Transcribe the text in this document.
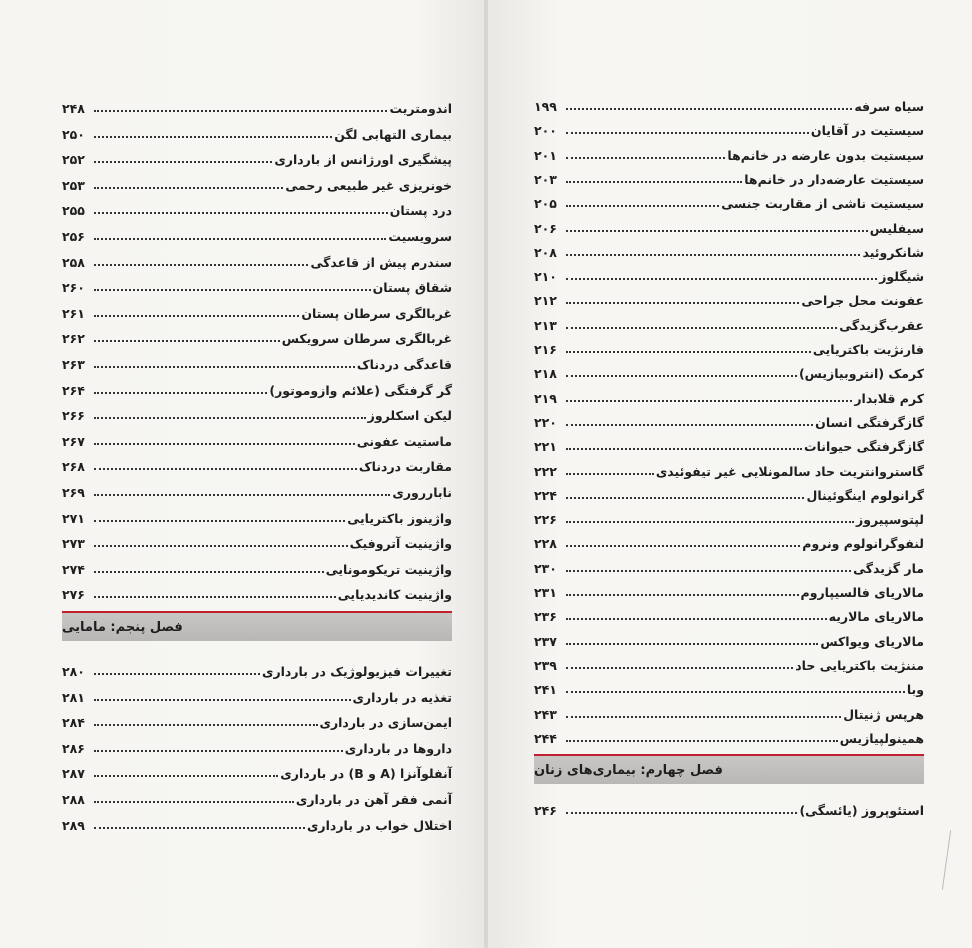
اندومتریت
۲۴۸
بیماری التهابی لگن
۲۵۰
پیشگیری اورژانس از بارداری
۲۵۲
خونریزی غیر طبیعی رحمی
۲۵۳
درد پستان
۲۵۵
سرویسیت
۲۵۶
سندرم پیش از قاعدگی
۲۵۸
شقاق پستان
۲۶۰
غربالگری سرطان پستان
۲۶۱
غربالگری سرطان سرویکس
۲۶۲
قاعدگی دردناک
۲۶۳
گر گرفتگی (علائم وازوموتور)
۲۶۴
لیکن اسکلروز
۲۶۶
ماستیت عفونی
۲۶۷
مقاربت دردناک
۲۶۸
نابارروری
۲۶۹
واژینوز باکتریایی
۲۷۱
واژینیت آتروفیک
۲۷۳
واژینیت تریکومونایی
۲۷۴
واژینیت کاندیدیایی
۲۷۶
فصل پنجم: مامایی
تغییرات فیزیولوژیک در بارداری
۲۸۰
تغذیه در بارداری
۲۸۱
ایمن‌سازی در بارداری
۲۸۴
داروها در بارداری
۲۸۶
آنفلوآنزا (A و B) در بارداری
۲۸۷
آنمی فقر آهن در بارداری
۲۸۸
اختلال خواب در بارداری
۲۸۹
سیاه سرفه
۱۹۹
سیستیت در آقایان
۲۰۰
سیستیت بدون عارضه در خانم‌ها
۲۰۱
سیستیت عارضه‌دار در خانم‌ها
۲۰۳
سیستیت ناشی از مقاربت جنسی
۲۰۵
سیفلیس
۲۰۶
شانکروئید
۲۰۸
شیگلوز
۲۱۰
عفونت محل جراحی
۲۱۲
عقرب‌گزیدگی
۲۱۳
فارنژیت باکتریایی
۲۱۶
کرمک (انتروبیازیس)
۲۱۸
کرم قلابدار
۲۱۹
گازگرفتگی انسان
۲۲۰
گازگرفتگی حیوانات
۲۲۱
گاستروانتریت حاد سالمونلایی غیر تیفوئیدی
۲۲۲
گرانولوم اینگوئینال
۲۲۴
لپتوسپیروز
۲۲۶
لنفوگرانولوم ونروم
۲۲۸
مار گزیدگی
۲۳۰
مالاریای فالسیپاروم
۲۳۱
مالاریای مالاریه
۲۳۶
مالاریای ویواکس
۲۳۷
مننژیت باکتریایی حاد
۲۳۹
وبا
۲۴۱
هرپس ژنیتال
۲۴۳
همینولپیازیس
۲۴۴
فصل چهارم: بیماری‌های زنان
استئوپروز (یائسگی)
۲۴۶
